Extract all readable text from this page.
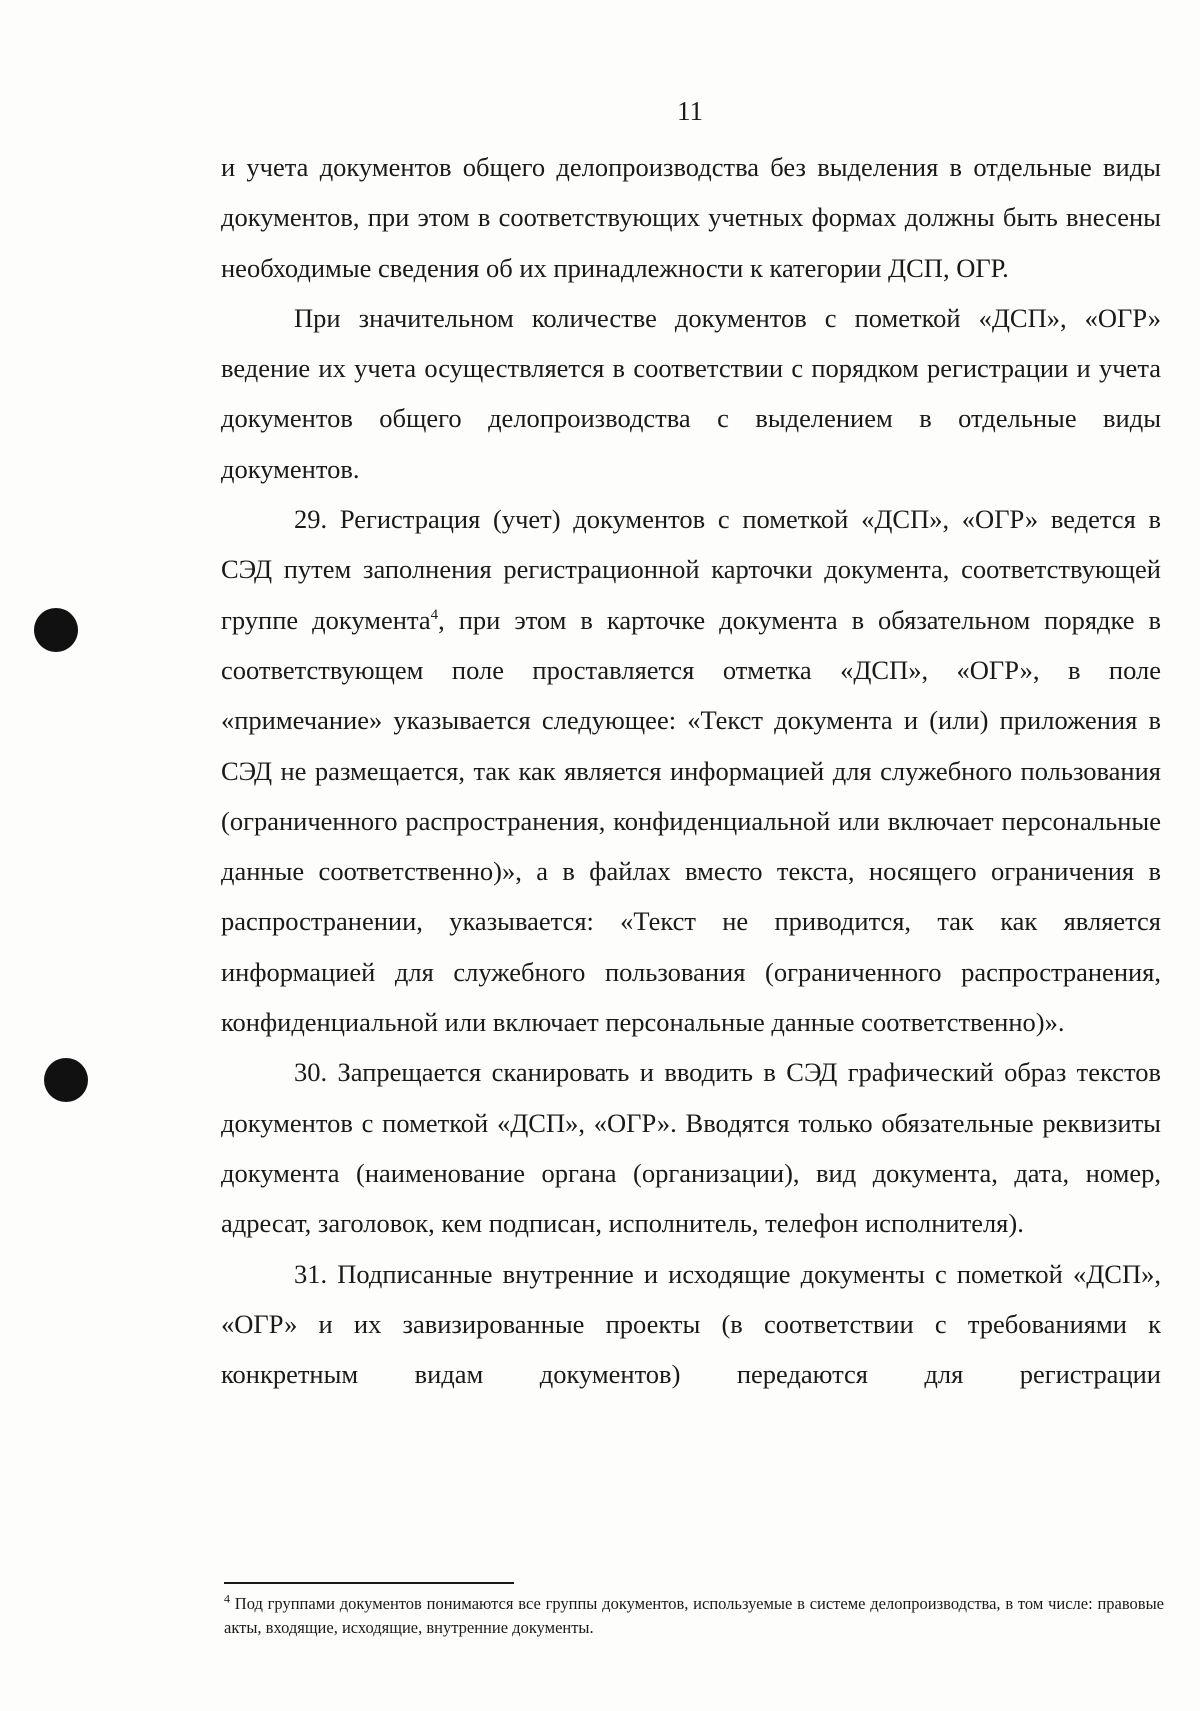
11

и учета документов общего делопроизводства без выделения в отдельные виды документов, при этом в соответствующих учетных формах должны быть внесены необходимые сведения об их принадлежности к категории ДСП, ОГР.

При значительном количестве документов с пометкой «ДСП», «ОГР» ведение их учета осуществляется в соответствии с порядком регистрации и учета документов общего делопроизводства с выделением в отдельные виды документов.

29. Регистрация (учет) документов с пометкой «ДСП», «ОГР» ведется в СЭД путем заполнения регистрационной карточки документа, соответствующей группе документа$^4$, при этом в карточке документа в обязательном порядке в соответствующем поле проставляется отметка «ДСП», «ОГР», в поле «примечание» указывается следующее: «Текст документа и (или) приложения в СЭД не размещается, так как является информацией для служебного пользования (ограниченного распространения, конфиденциальной или включает персональные данные соответственно)», а в файлах вместо текста, носящего ограничения в распространении, указывается: «Текст не приводится, так как является информацией для служебного пользования (ограниченного распространения, конфиденциальной или включает персональные данные соответственно)».

30. Запрещается сканировать и вводить в СЭД графический образ текстов документов с пометкой «ДСП», «ОГР». Вводятся только обязательные реквизиты документа (наименование органа (организации), вид документа, дата, номер, адресат, заголовок, кем подписан, исполнитель, телефон исполнителя).

31. Подписанные внутренние и исходящие документы с пометкой «ДСП», «ОГР» и их завизированные проекты (в соответствии с требованиями к конкретным видам документов) передаются для регистрации

$^4$ Под группами документов понимаются все группы документов, используемые в системе делопроизводства, в том числе: правовые акты, входящие, исходящие, внутренние документы.
